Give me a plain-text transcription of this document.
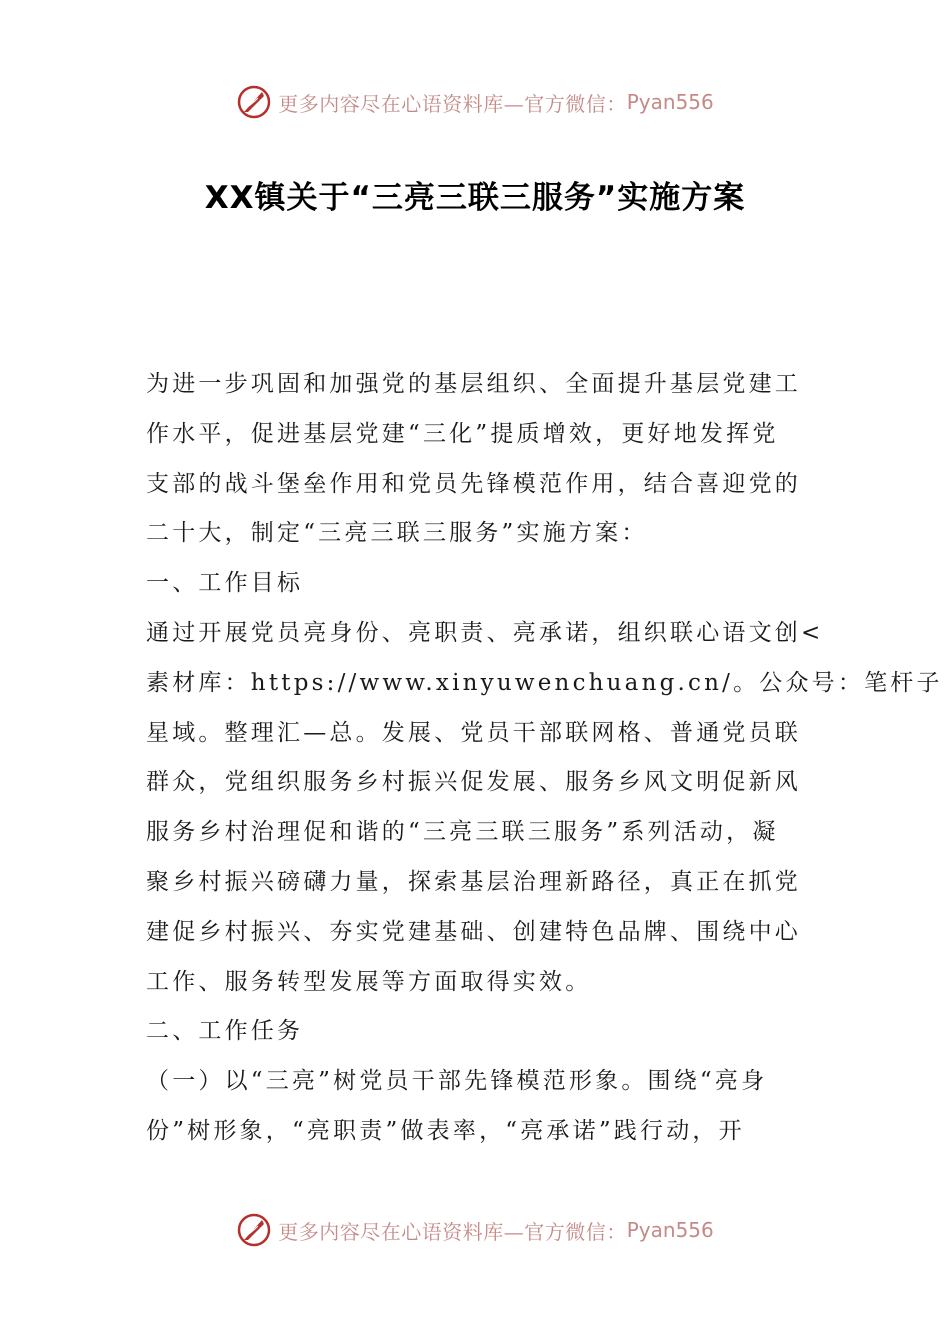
更多内容尽在心语资料库—官方微信： Pyan556
XX镇关于“三亮三联三服务”实施方案
为进一步巩固和加强党的基层组织、全面提升基层党建工
作水平，促进基层党建“三化”提质增效，更好地发挥党
支部的战斗堡垒作用和党员先锋模范作用，结合喜迎党的
二十大，制定“三亮三联三服务”实施方案：
一、工作目标
通过开展党员亮身份、亮职责、亮承诺，组织联心语文创<
素材库：https://www.xinyuwenchuang.cn/。公众号：笔杆子
星域。整理汇—总。发展、党员干部联网格、普通党员联
群众，党组织服务乡村振兴促发展、服务乡风文明促新风
服务乡村治理促和谐的“三亮三联三服务”系列活动，凝
聚乡村振兴磅礴力量，探索基层治理新路径，真正在抓党
建促乡村振兴、夯实党建基础、创建特色品牌、围绕中心
工作、服务转型发展等方面取得实效。
二、工作任务
（一）以“三亮”树党员干部先锋模范形象。围绕“亮身
份”树形象，“亮职责”做表率，“亮承诺”践行动，开
更多内容尽在心语资料库—官方微信： Pyan556
